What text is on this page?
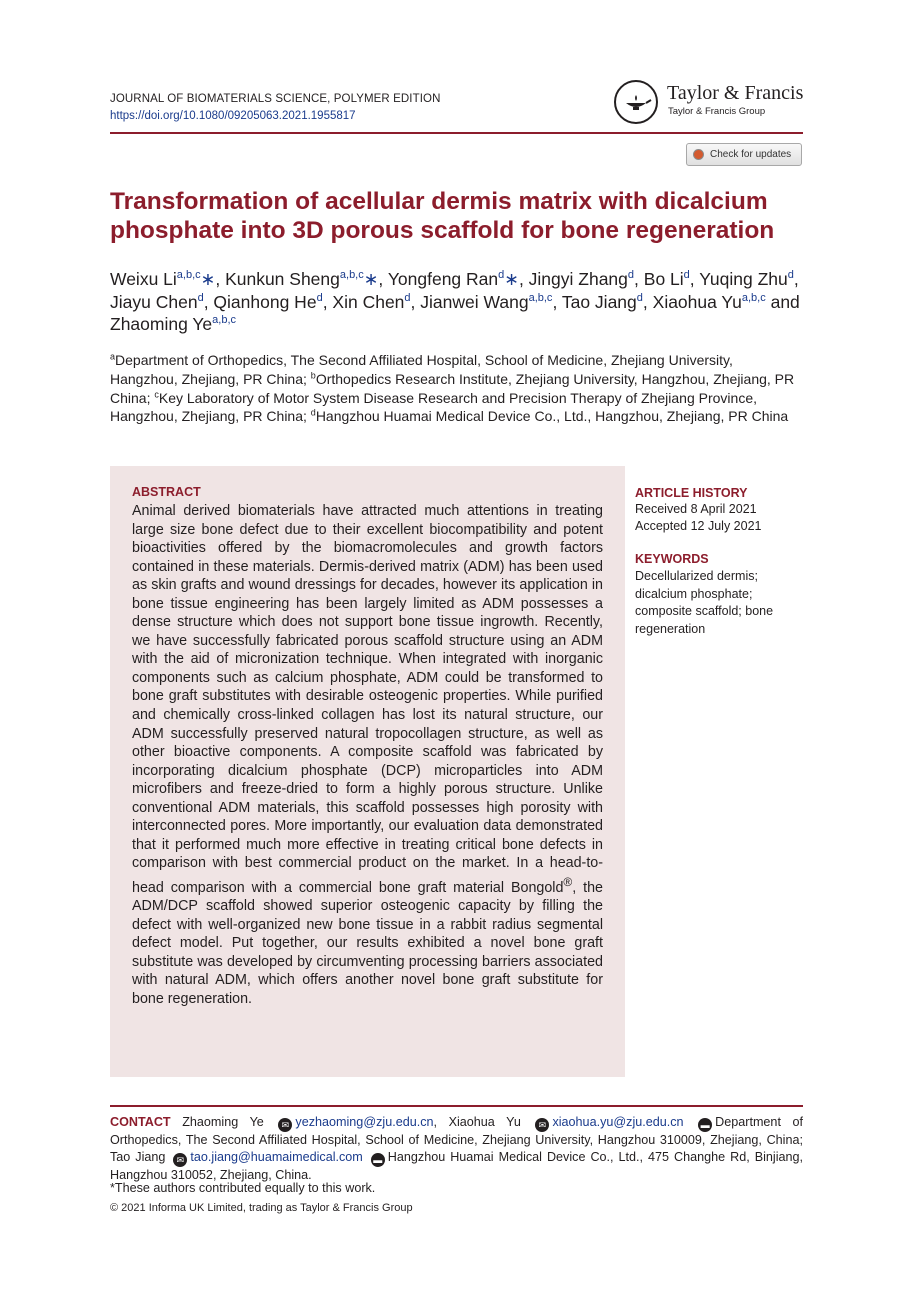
JOURNAL OF BIOMATERIALS SCIENCE, POLYMER EDITION
https://doi.org/10.1080/09205063.2021.1955817
Taylor & Francis
Taylor & Francis Group
Check for updates
Transformation of acellular dermis matrix with dicalcium phosphate into 3D porous scaffold for bone regeneration
Weixu Li$^{a,b,c}$∗, Kunkun Sheng$^{a,b,c}$∗, Yongfeng Ran$^d$∗, Jingyi Zhang$^d$, Bo Li$^d$, Yuqing Zhu$^d$, Jiayu Chen$^d$, Qianhong He$^d$, Xin Chen$^d$, Jianwei Wang$^{a,b,c}$, Tao Jiang$^d$, Xiaohua Yu$^{a,b,c}$ and Zhaoming Ye$^{a,b,c}$
$^a$Department of Orthopedics, The Second Affiliated Hospital, School of Medicine, Zhejiang University, Hangzhou, Zhejiang, PR China; $^b$Orthopedics Research Institute, Zhejiang University, Hangzhou, Zhejiang, PR China; $^c$Key Laboratory of Motor System Disease Research and Precision Therapy of Zhejiang Province, Hangzhou, Zhejiang, PR China; $^d$Hangzhou Huamai Medical Device Co., Ltd., Hangzhou, Zhejiang, PR China
ABSTRACT

Animal derived biomaterials have attracted much attentions in treating large size bone defect due to their excellent biocompatibility and potent bioactivities offered by the biomacromolecules and growth factors contained in these materials. Dermis-derived matrix (ADM) has been used as skin grafts and wound dressings for decades, however its application in bone tissue engineering has been largely limited as ADM possesses a dense structure which does not support bone tissue ingrowth. Recently, we have successfully fabricated porous scaffold structure using an ADM with the aid of micronization technique. When integrated with inorganic components such as calcium phosphate, ADM could be transformed to bone graft substitutes with desirable osteogenic properties. While purified and chemically cross-linked collagen has lost its natural structure, our ADM successfully preserved natural tropocollagen structure, as well as other bioactive components. A composite scaffold was fabricated by incorporating dicalcium phosphate (DCP) microparticles into ADM microfibers and freeze-dried to form a highly porous structure. Unlike conventional ADM materials, this scaffold possesses high porosity with interconnected pores. More importantly, our evaluation data demonstrated that it performed much more effective in treating critical bone defects in comparison with best commercial product on the market. In a head-to-head comparison with a commercial bone graft material Bongold®, the ADM/DCP scaffold showed superior osteogenic capacity by filling the defect with well-organized new bone tissue in a rabbit radius segmental defect model. Put together, our results exhibited a novel bone graft substitute was developed by circumventing processing barriers associated with natural ADM, which offers another novel bone graft substitute for bone regeneration.

ARTICLE HISTORY
Received 8 April 2021
Accepted 12 July 2021
KEYWORDS
Decellularized dermis; dicalcium phosphate; composite scaffold; bone regeneration

CONTACT Zhaoming Ye ✉ yezhaoming@zju.edu.cn, Xiaohua Yu ✉ xiaohua.yu@zju.edu.cn ▬ Department of Orthopedics, The Second Affiliated Hospital, School of Medicine, Zhejiang University, Hangzhou 310009, Zhejiang, China; Tao Jiang ✉ tao.jiang@huamaimedical.com ▬ Hangzhou Huamai Medical Device Co., Ltd., 475 Changhe Rd, Binjiang, Hangzhou 310052, Zhejiang, China.

*These authors contributed equally to this work.
© 2021 Informa UK Limited, trading as Taylor & Francis Group
